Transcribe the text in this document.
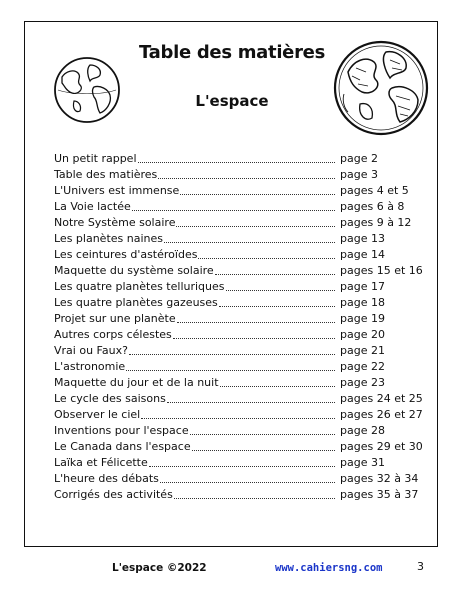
Table des matières
L'espace
Un petit rappel	page 2
Table des matières	page 3
L'Univers est immense	pages 4 et 5
La Voie lactée	pages 6 à 8
Notre Système solaire	pages 9 à 12
Les planètes naines	page 13
Les ceintures d'astéroïdes	page 14
Maquette du système solaire	pages 15 et 16
Les quatre planètes telluriques	page 17
Les quatre planètes gazeuses	page 18
Projet sur une planète	page 19
Autres corps célestes	page 20
Vrai ou Faux?	page 21
L'astronomie	page 22
Maquette du jour et de la nuit	page 23
Le cycle des saisons	pages 24 et 25
Observer le ciel	pages 26 et 27
Inventions pour l'espace	page 28
Le Canada dans l'espace	pages 29 et 30
Laïka et Félicette	page 31
L'heure des débats	pages 32 à 34
Corrigés des activités	pages 35 à 37
L'espace ©2022	www.cahiersng.com	3
